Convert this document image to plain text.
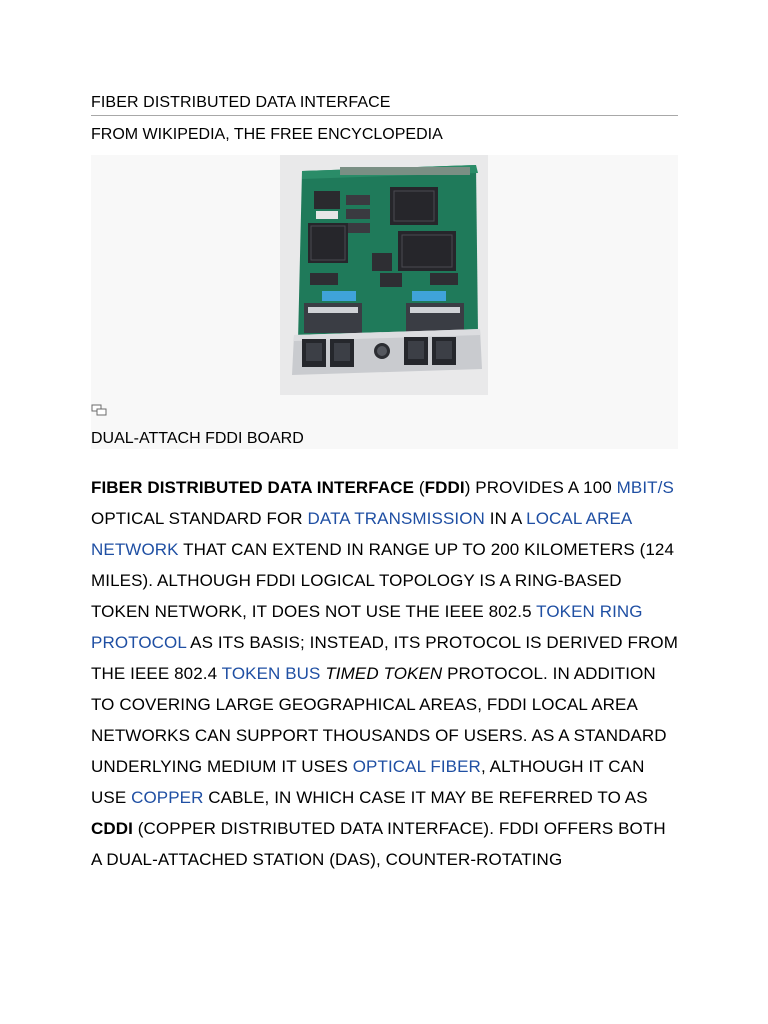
FIBER DISTRIBUTED DATA INTERFACE
FROM WIKIPEDIA, THE FREE ENCYCLOPEDIA
DUAL-ATTACH FDDI BOARD
FIBER DISTRIBUTED DATA INTERFACE (FDDI) PROVIDES A 100 MBIT/S OPTICAL STANDARD FOR DATA TRANSMISSION IN A LOCAL AREA NETWORK THAT CAN EXTEND IN RANGE UP TO 200 KILOMETERS (124 MILES). ALTHOUGH FDDI LOGICAL TOPOLOGY IS A RING-BASED TOKEN NETWORK, IT DOES NOT USE THE IEEE 802.5 TOKEN RING PROTOCOL AS ITS BASIS; INSTEAD, ITS PROTOCOL IS DERIVED FROM THE IEEE 802.4 TOKEN BUS TIMED TOKEN PROTOCOL. IN ADDITION TO COVERING LARGE GEOGRAPHICAL AREAS, FDDI LOCAL AREA NETWORKS CAN SUPPORT THOUSANDS OF USERS. AS A STANDARD UNDERLYING MEDIUM IT USES OPTICAL FIBER, ALTHOUGH IT CAN USE COPPER CABLE, IN WHICH CASE IT MAY BE REFERRED TO AS CDDI (COPPER DISTRIBUTED DATA INTERFACE). FDDI OFFERS BOTH A DUAL-ATTACHED STATION (DAS), COUNTER-ROTATING
